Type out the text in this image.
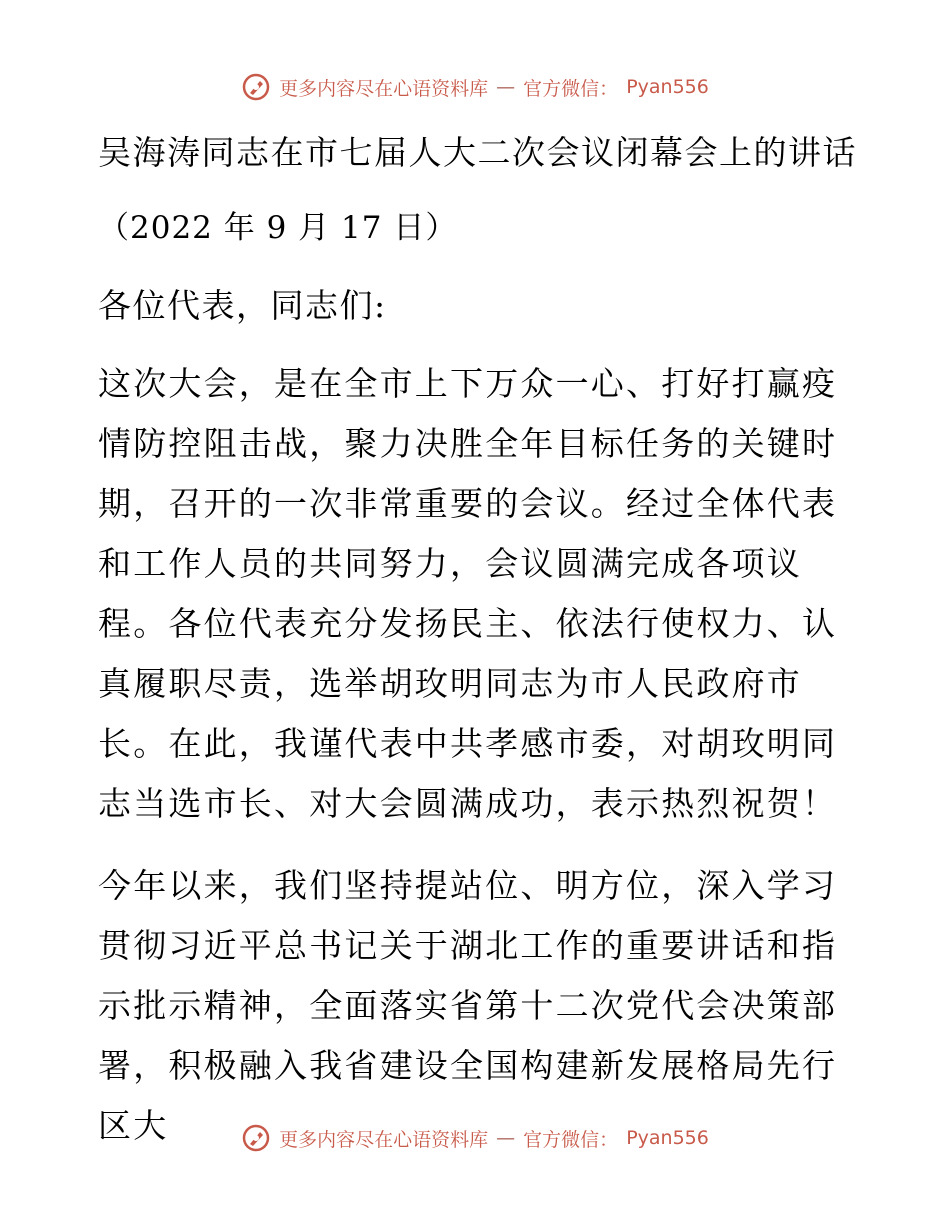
更多内容尽在心语资料库 — 官方微信： Pyan556
吴海涛同志在市七届人大二次会议闭幕会上的讲话
（2022 年 9 月 17 日）
各位代表，同志们:

这次大会，是在全市上下万众一心、打好打赢疫情防控阻击战，聚力决胜全年目标任务的关键时期，召开的一次非常重要的会议。经过全体代表和工作人员的共同努力，会议圆满完成各项议程。各位代表充分发扬民主、依法行使权力、认真履职尽责，选举胡玫明同志为市人民政府市长。在此，我谨代表中共孝感市委，对胡玫明同志当选市长、对大会圆满成功，表示热烈祝贺！

今年以来，我们坚持提站位、明方位，深入学习贯彻习近平总书记关于湖北工作的重要讲话和指示批示精神，全面落实省第十二次党代会决策部署，积极融入我省建设全国构建新发展格局先行区大	更多内容尽在心语资料库 — 官方微信： Pyan556
